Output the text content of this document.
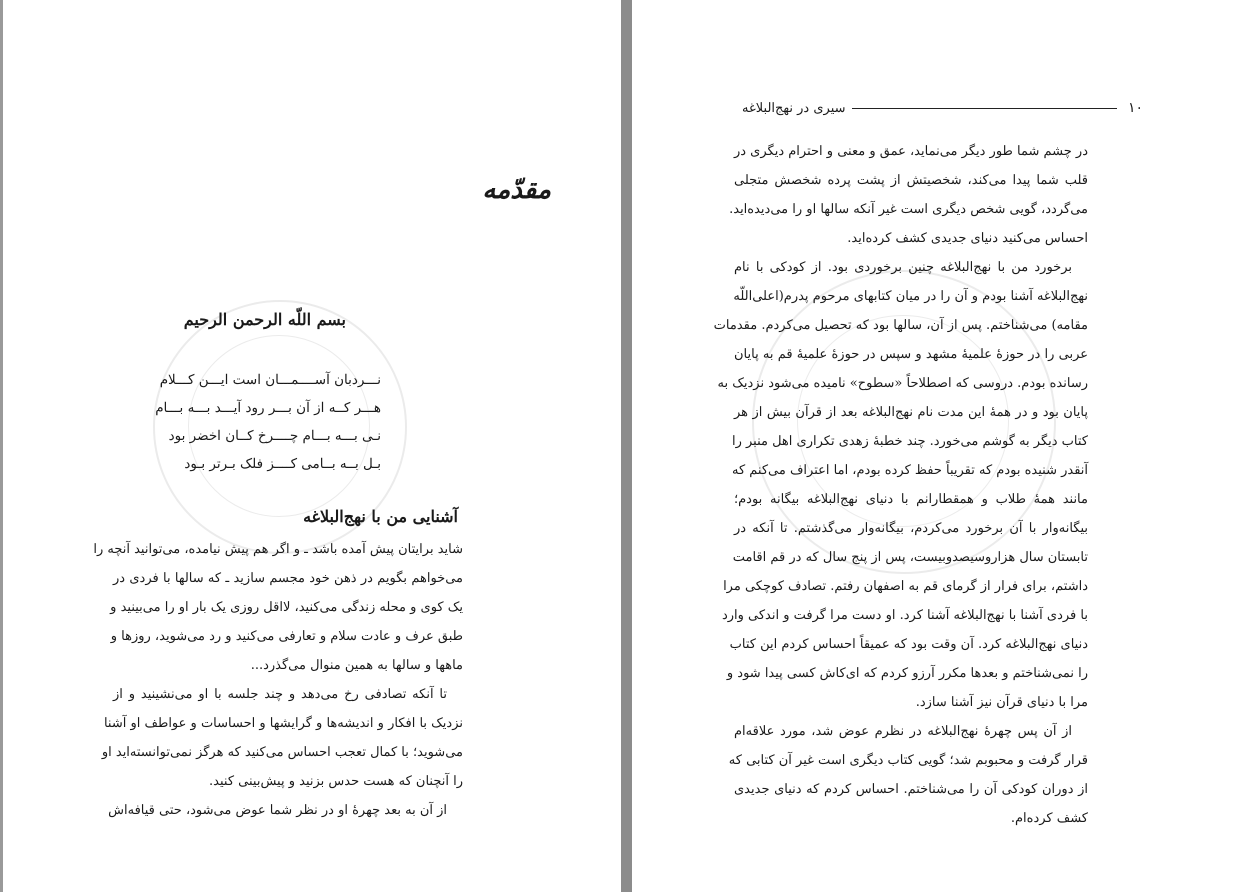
مقدّمه
بسم اللّه الرحمن الرحیم
نـــردبان آســــمـــان است ایـــن کـــلام
هـــر کــه از آن بـــر رود آیـــد بـــه بـــام
نـی بـــه بـــام چــــرخ کــان اخضر بود
بـل بــه بــامی کــــز فلک بـرتر بـود
آشنایی من با نهج‌البلاغه
شاید برایتان پیش آمده باشد ـ و اگر هم پیش نیامده، می‌توانید آنچه را
می‌خواهم بگویم در ذهن خود مجسم سازید ـ که سالها با فردی در
یک کوی و محله زندگی می‌کنید، لااقل روزی یک بار او را می‌بینید و
طبق عرف و عادت سلام و تعارفی می‌کنید و رد می‌شوید، روزها و
ماهها و سالها به همین منوال می‌گذرد...
تا آنکه تصادفی رخ می‌دهد و چند جلسه با او می‌نشینید و از
نزدیک با افکار و اندیشه‌ها و گرایشها و احساسات و عواطف او آشنا
می‌شوید؛ با کمال تعجب احساس می‌کنید که هرگز نمی‌توانسته‌اید او
را آنچنان که هست حدس بزنید و پیش‌بینی کنید.
از آن به بعد چهرهٔ او در نظر شما عوض می‌شود، حتی قیافه‌اش
١٠
سیری در نهج‌البلاغه
در چشم شما طور دیگر می‌نماید، عمق و معنی و احترام دیگری در
قلب شما پیدا می‌کند، شخصیتش از پشت پرده شخصش متجلی
می‌گردد، گویی شخص دیگری است غیر آنکه سالها او را می‌دیده‌اید.
احساس می‌کنید دنیای جدیدی کشف کرده‌اید.
برخورد من با نهج‌البلاغه چنین برخوردی بود. از کودکی با نام
نهج‌البلاغه آشنا بودم و آن را در میان کتابهای مرحوم پدرم(اعلی‌اللّه
مقامه) می‌شناختم. پس از آن، سالها بود که تحصیل می‌کردم. مقدمات
عربی را در حوزهٔ علمیهٔ مشهد و سپس در حوزهٔ علمیهٔ قم به پایان
رسانده بودم. دروسی که اصطلاحاً «سطوح» نامیده می‌شود نزدیک به
پایان بود و در همهٔ این مدت نام نهج‌البلاغه بعد از قرآن بیش از هر
کتاب دیگر به گوشم می‌خورد. چند خطبهٔ زهدی تکراری اهل منبر را
آنقدر شنیده بودم که تقریباً حفظ کرده بودم، اما اعتراف می‌کنم که
مانند همهٔ طلاب و همقطارانم با دنیای نهج‌البلاغه بیگانه بودم؛
بیگانه‌وار با آن برخورد می‌کردم، بیگانه‌وار می‌گذشتم. تا آنکه در
تابستان سال هزاروسیصدوبیست، پس از پنج سال که در قم اقامت
داشتم، برای فرار از گرمای قم به اصفهان رفتم. تصادف کوچکی مرا
با فردی آشنا با نهج‌البلاغه آشنا کرد. او دست مرا گرفت و اندکی وارد
دنیای نهج‌البلاغه کرد. آن وقت بود که عمیقاً احساس کردم این کتاب
را نمی‌شناختم و بعدها مکرر آرزو کردم که ای‌کاش کسی پیدا شود و
مرا با دنیای قرآن نیز آشنا سازد.
از آن پس چهرهٔ نهج‌البلاغه در نظرم عوض شد، مورد علاقه‌ام
قرار گرفت و محبوبم شد؛ گویی کتاب دیگری است غیر آن کتابی که
از دوران کودکی آن را می‌شناختم. احساس کردم که دنیای جدیدی
کشف کرده‌ام.
